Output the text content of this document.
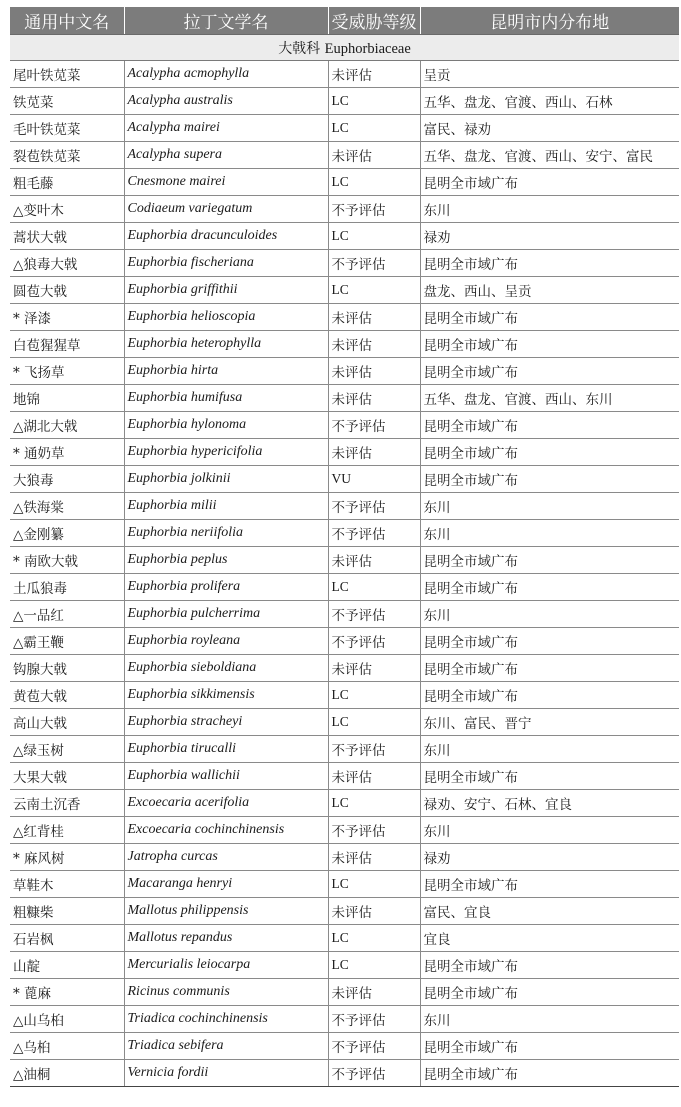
通用中文名	拉丁文学名	受威胁等级	昆明市内分布地
大戟科 Euphorbiaceae			
尾叶铁苋菜	Acalypha acmophylla	未评估	呈贡
铁苋菜	Acalypha australis	LC	五华、盘龙、官渡、西山、石林
毛叶铁苋菜	Acalypha mairei	LC	富民、禄劝
裂苞铁苋菜	Acalypha supera	未评估	五华、盘龙、官渡、西山、安宁、富民
粗毛藤	Cnesmone mairei	LC	昆明全市域广布
△变叶木	Codiaeum variegatum	不予评估	东川
蒿状大戟	Euphorbia dracunculoides	LC	禄劝
△狼毒大戟	Euphorbia fischeriana	不予评估	昆明全市域广布
圆苞大戟	Euphorbia griffithii	LC	盘龙、西山、呈贡
* 泽漆	Euphorbia helioscopia	未评估	昆明全市域广布
白苞猩猩草	Euphorbia heterophylla	未评估	昆明全市域广布
* 飞扬草	Euphorbia hirta	未评估	昆明全市域广布
地锦	Euphorbia humifusa	未评估	五华、盘龙、官渡、西山、东川
△湖北大戟	Euphorbia hylonoma	不予评估	昆明全市域广布
* 通奶草	Euphorbia hypericifolia	未评估	昆明全市域广布
大狼毒	Euphorbia jolkinii	VU	昆明全市域广布
△铁海棠	Euphorbia milii	不予评估	东川
△金刚纂	Euphorbia neriifolia	不予评估	东川
* 南欧大戟	Euphorbia peplus	未评估	昆明全市域广布
土瓜狼毒	Euphorbia prolifera	LC	昆明全市域广布
△一品红	Euphorbia pulcherrima	不予评估	东川
△霸王鞭	Euphorbia royleana	不予评估	昆明全市域广布
钩腺大戟	Euphorbia sieboldiana	未评估	昆明全市域广布
黄苞大戟	Euphorbia sikkimensis	LC	昆明全市域广布
高山大戟	Euphorbia stracheyi	LC	东川、富民、晋宁
△绿玉树	Euphorbia tirucalli	不予评估	东川
大果大戟	Euphorbia wallichii	未评估	昆明全市域广布
云南土沉香	Excoecaria acerifolia	LC	禄劝、安宁、石林、宜良
△红背桂	Excoecaria cochinchinensis	不予评估	东川
* 麻风树	Jatropha curcas	未评估	禄劝
草鞋木	Macaranga henryi	LC	昆明全市域广布
粗糠柴	Mallotus philippensis	未评估	富民、宜良
石岩枫	Mallotus repandus	LC	宜良
山靛	Mercurialis leiocarpa	LC	昆明全市域广布
* 蓖麻	Ricinus communis	未评估	昆明全市域广布
△山乌桕	Triadica cochinchinensis	不予评估	东川
△乌桕	Triadica sebifera	不予评估	昆明全市域广布
△油桐	Vernicia fordii	不予评估	昆明全市域广布
